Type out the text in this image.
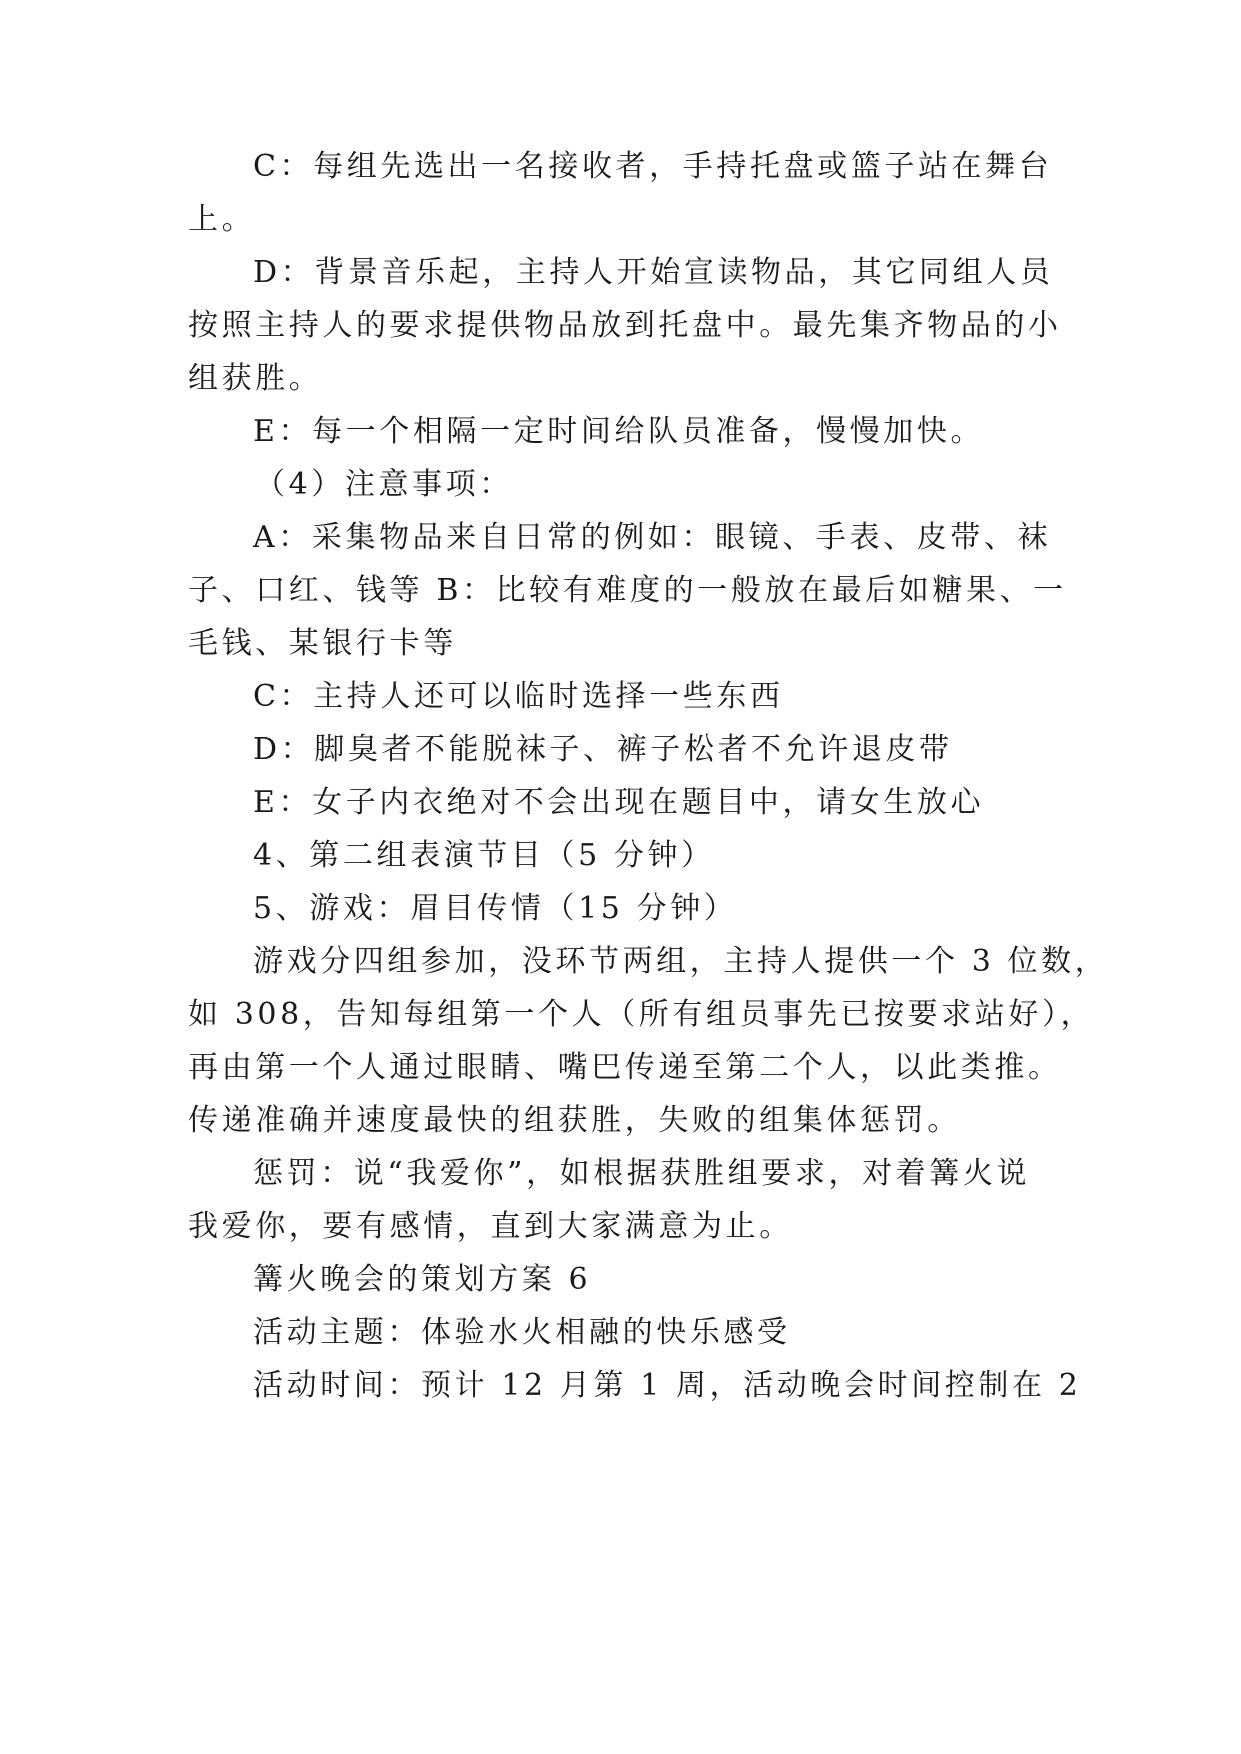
C：每组先选出一名接收者，手持托盘或篮子站在舞台
上。
D：背景音乐起，主持人开始宣读物品，其它同组人员
按照主持人的要求提供物品放到托盘中。最先集齐物品的小
组获胜。
E：每一个相隔一定时间给队员准备，慢慢加快。
（4）注意事项：
A：采集物品来自日常的例如：眼镜、手表、皮带、袜
子、口红、钱等 B：比较有难度的一般放在最后如糖果、一
毛钱、某银行卡等
C：主持人还可以临时选择一些东西
D：脚臭者不能脱袜子、裤子松者不允许退皮带
E：女子内衣绝对不会出现在题目中，请女生放心
4、第二组表演节目（5 分钟）
5、游戏：眉目传情（15 分钟）
游戏分四组参加，没环节两组，主持人提供一个 3 位数，
如 308，告知每组第一个人（所有组员事先已按要求站好），
再由第一个人通过眼睛、嘴巴传递至第二个人，以此类推。
传递准确并速度最快的组获胜，失败的组集体惩罚。
惩罚：说“我爱你”，如根据获胜组要求，对着篝火说
我爱你，要有感情，直到大家满意为止。
篝火晚会的策划方案 6
活动主题：体验水火相融的快乐感受
活动时间：预计 12 月第 1 周，活动晚会时间控制在 2
